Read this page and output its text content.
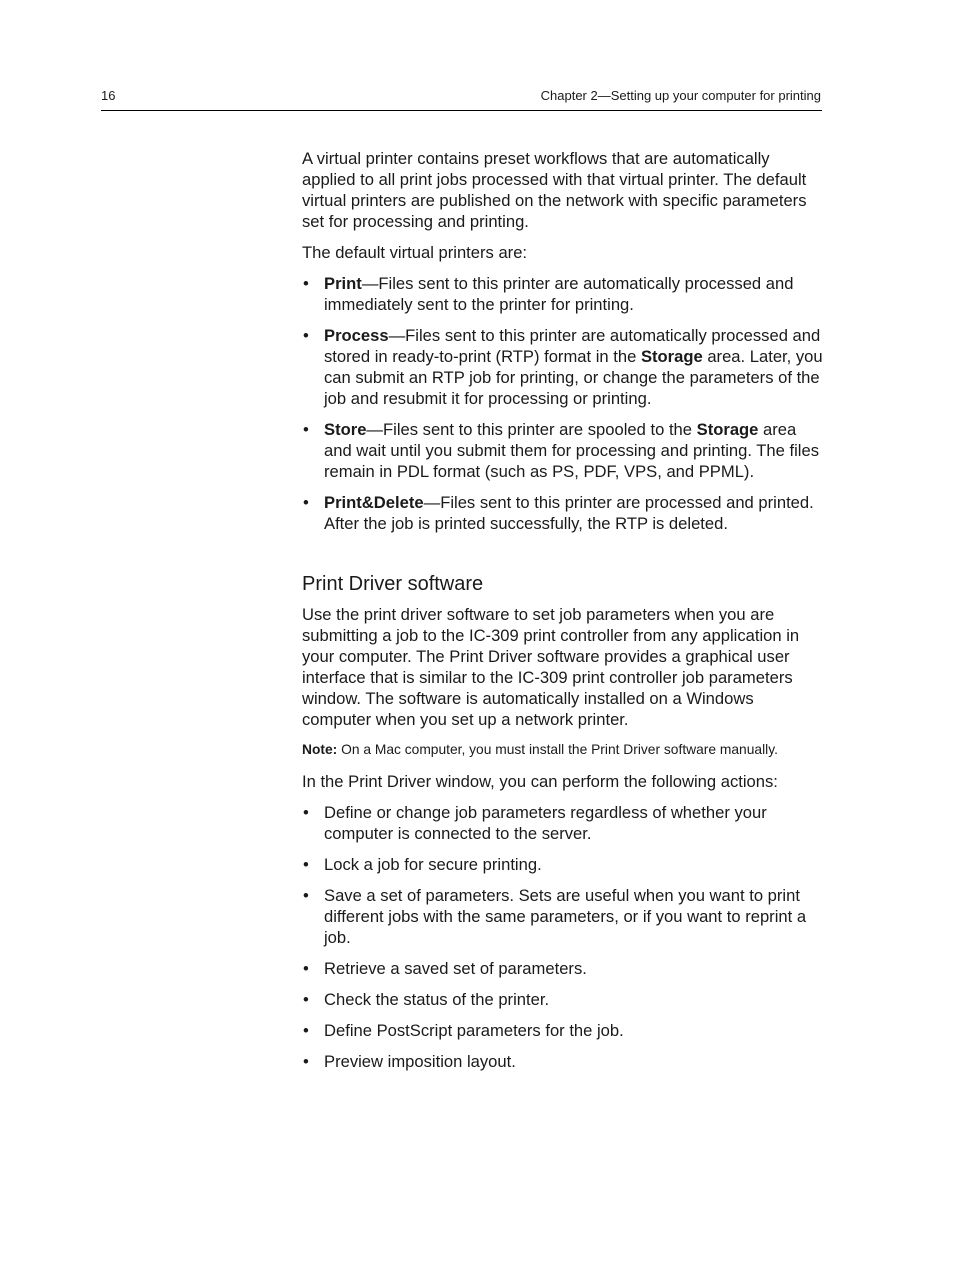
16	Chapter 2—Setting up your computer for printing

A virtual printer contains preset workflows that are automatically applied to all print jobs processed with that virtual printer. The default virtual printers are published on the network with specific parameters set for processing and printing.

The default virtual printers are:

• Print—Files sent to this printer are automatically processed and immediately sent to the printer for printing.
• Process—Files sent to this printer are automatically processed and stored in ready-to-print (RTP) format in the Storage area. Later, you can submit an RTP job for printing, or change the parameters of the job and resubmit it for processing or printing.
• Store—Files sent to this printer are spooled to the Storage area and wait until you submit them for processing and printing. The files remain in PDL format (such as PS, PDF, VPS, and PPML).
• Print&Delete—Files sent to this printer are processed and printed. After the job is printed successfully, the RTP is deleted.
Print Driver software

Use the print driver software to set job parameters when you are submitting a job to the IC-309 print controller from any application in your computer. The Print Driver software provides a graphical user interface that is similar to the IC-309 print controller job parameters window. The software is automatically installed on a Windows computer when you set up a network printer.

Note: On a Mac computer, you must install the Print Driver software manually.

In the Print Driver window, you can perform the following actions:

• Define or change job parameters regardless of whether your computer is connected to the server.
• Lock a job for secure printing.
• Save a set of parameters. Sets are useful when you want to print different jobs with the same parameters, or if you want to reprint a job.
• Retrieve a saved set of parameters.
• Check the status of the printer.
• Define PostScript parameters for the job.
• Preview imposition layout.
